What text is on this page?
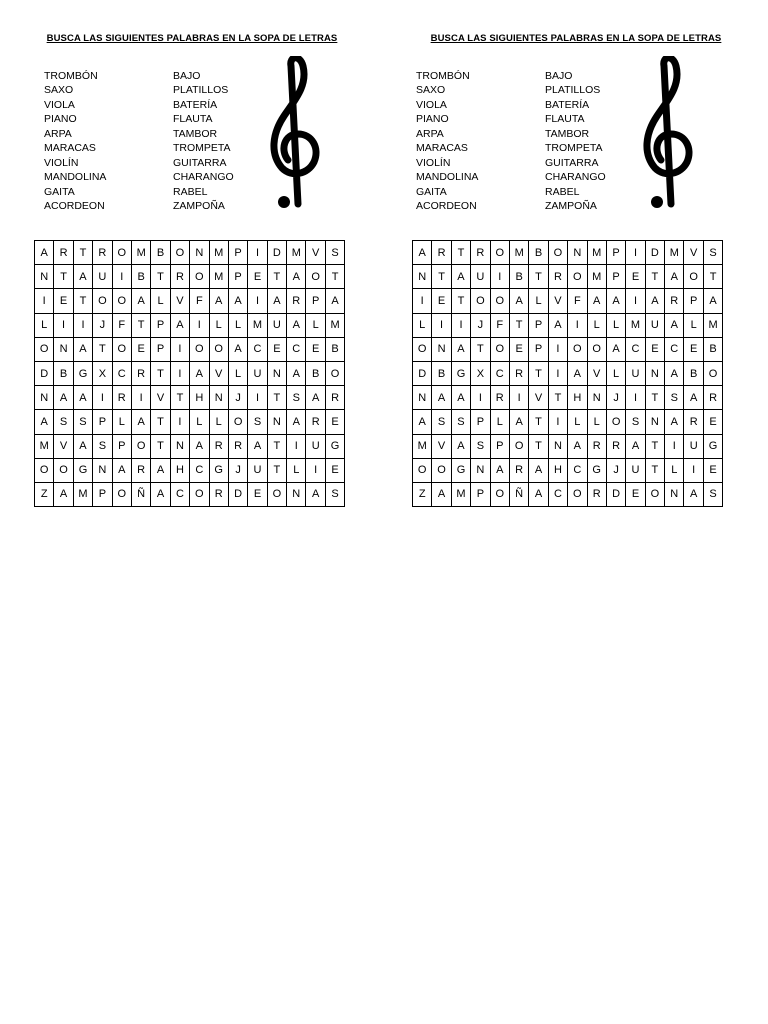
BUSCA LAS SIGUIENTES PALABRAS EN LA SOPA DE LETRAS
TROMBÓN
SAXO
VIOLA
PIANO
ARPA
MARACAS
VIOLÍN
MANDOLINA
GAITA
ACORDEON
BAJO
PLATILLOS
BATERÍA
FLAUTA
TAMBOR
TROMPETA
GUITARRA
CHARANGO
RABEL
ZAMPOÑA
A	R	T	R	O	M	B	O	N	M	P	I	D	M	V	S
N	T	A	U	I	B	T	R	O	M	P	E	T	A	O	T
I	E	T	O	O	A	L	V	F	A	A	I	A	R	P	A
L	I	I	J	F	T	P	A	I	L	L	M	U	A	L	M
O	N	A	T	O	E	P	I	O	O	A	C	E	C	E	B
D	B	G	X	C	R	T	I	A	V	L	U	N	A	B	O
N	A	A	I	R	I	V	T	H	N	J	I	T	S	A	R
A	S	S	P	L	A	T	I	L	L	O	S	N	A	R	E
M	V	A	S	P	O	T	N	A	R	R	A	T	I	U	G
O	O	G	N	A	R	A	H	C	G	J	U	T	L	I	E
Z	A	M	P	O	Ñ	A	C	O	R	D	E	O	N	A	S
BUSCA LAS SIGUIENTES PALABRAS EN LA SOPA DE LETRAS
TROMBÓN
SAXO
VIOLA
PIANO
ARPA
MARACAS
VIOLÍN
MANDOLINA
GAITA
ACORDEON
BAJO
PLATILLOS
BATERÍA
FLAUTA
TAMBOR
TROMPETA
GUITARRA
CHARANGO
RABEL
ZAMPOÑA
A	R	T	R	O	M	B	O	N	M	P	I	D	M	V	S
N	T	A	U	I	B	T	R	O	M	P	E	T	A	O	T
I	E	T	O	O	A	L	V	F	A	A	I	A	R	P	A
L	I	I	J	F	T	P	A	I	L	L	M	U	A	L	M
O	N	A	T	O	E	P	I	O	O	A	C	E	C	E	B
D	B	G	X	C	R	T	I	A	V	L	U	N	A	B	O
N	A	A	I	R	I	V	T	H	N	J	I	T	S	A	R
A	S	S	P	L	A	T	I	L	L	O	S	N	A	R	E
M	V	A	S	P	O	T	N	A	R	R	A	T	I	U	G
O	O	G	N	A	R	A	H	C	G	J	U	T	L	I	E
Z	A	M	P	O	Ñ	A	C	O	R	D	E	O	N	A	S
